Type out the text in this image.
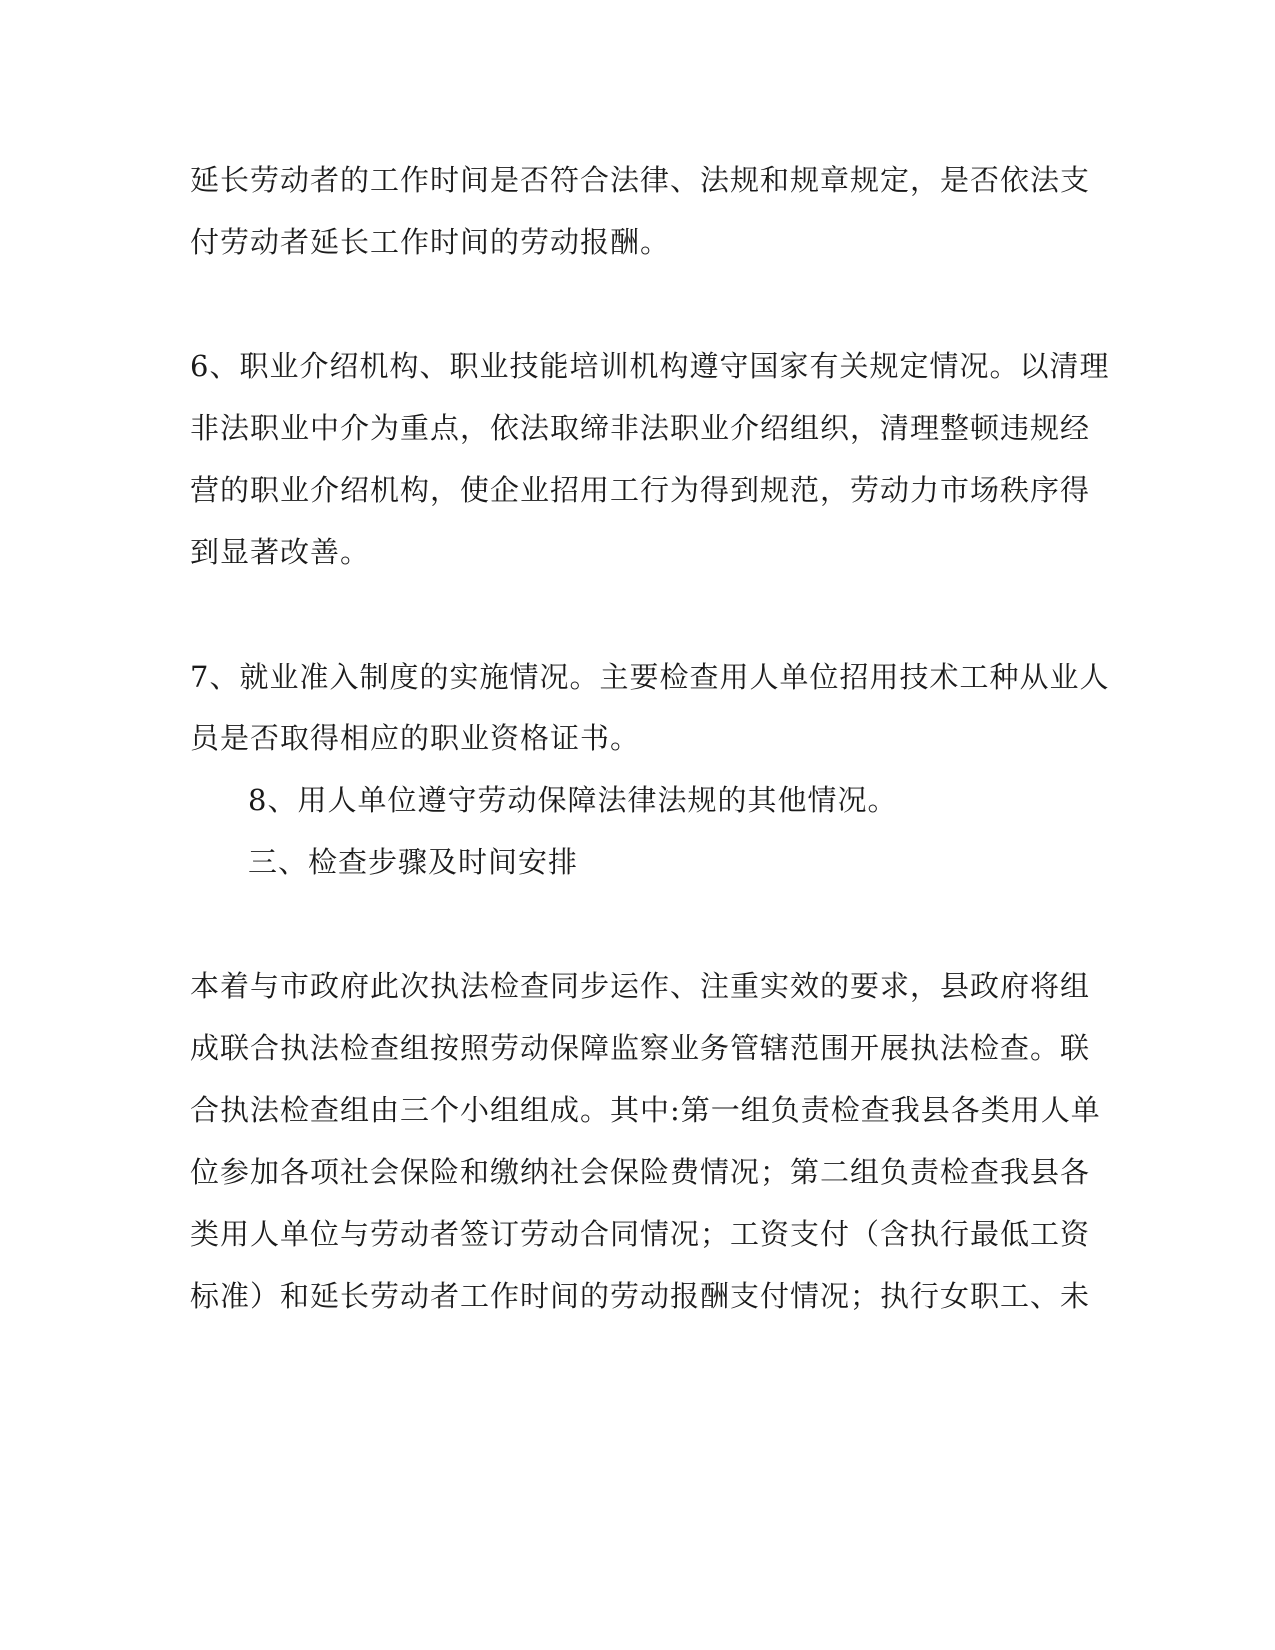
延长劳动者的工作时间是否符合法律、法规和规章规定，是否依法支
付劳动者延长工作时间的劳动报酬。
6、职业介绍机构、职业技能培训机构遵守国家有关规定情况。以清理
非法职业中介为重点，依法取缔非法职业介绍组织，清理整顿违规经
营的职业介绍机构，使企业招用工行为得到规范，劳动力市场秩序得
到显著改善。
7、就业准入制度的实施情况。主要检查用人单位招用技术工种从业人
员是否取得相应的职业资格证书。
8、用人单位遵守劳动保障法律法规的其他情况。
三、检查步骤及时间安排
本着与市政府此次执法检查同步运作、注重实效的要求，县政府将组
成联合执法检查组按照劳动保障监察业务管辖范围开展执法检查。联
合执法检查组由三个小组组成。其中:第一组负责检查我县各类用人单
位参加各项社会保险和缴纳社会保险费情况；第二组负责检查我县各
类用人单位与劳动者签订劳动合同情况；工资支付（含执行最低工资
标准）和延长劳动者工作时间的劳动报酬支付情况；执行女职工、未
